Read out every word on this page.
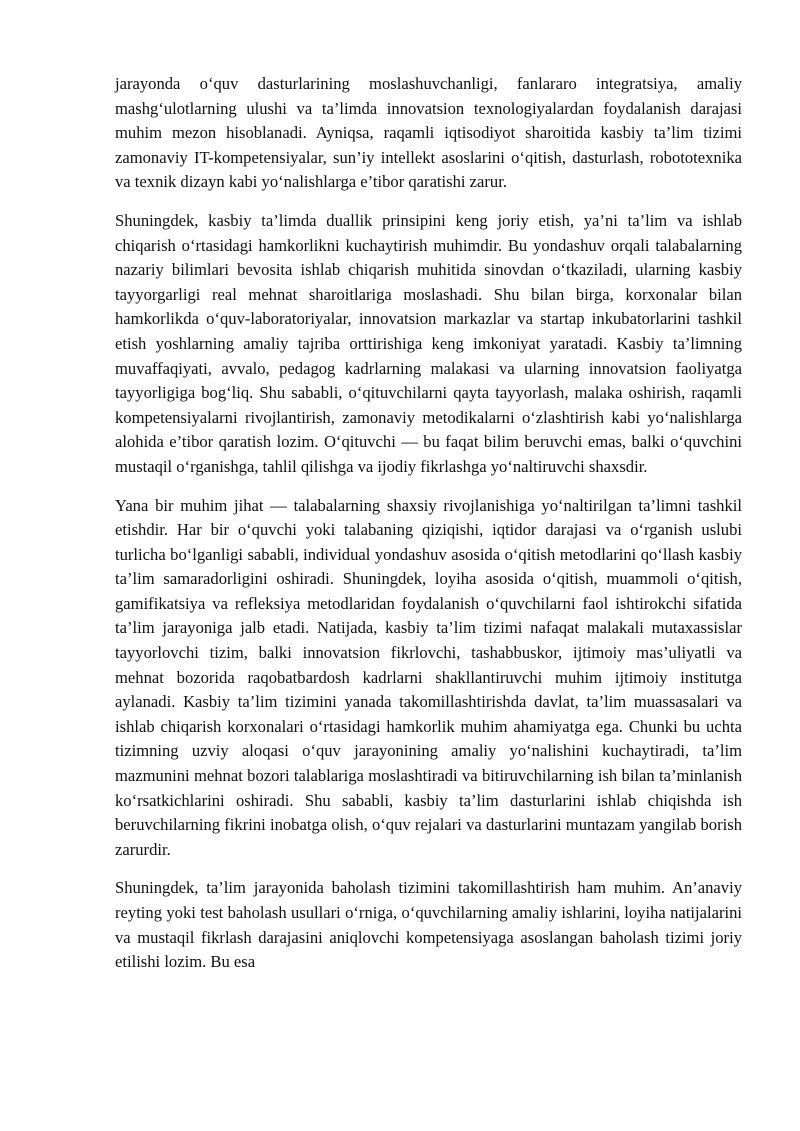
jarayonda o‘quv dasturlarining moslashuvchanligi, fanlararo integratsiya, amaliy mashg‘ulotlarning ulushi va ta’limda innovatsion texnologiyalardan foydalanish darajasi muhim mezon hisoblanadi. Ayniqsa, raqamli iqtisodiyot sharoitida kasbiy ta’lim tizimi zamonaviy IT-kompetensiyalar, sun’iy intellekt asoslarini o‘qitish, dasturlash, robototexnika va texnik dizayn kabi yo‘nalishlarga e’tibor qaratishi zarur.

Shuningdek, kasbiy ta’limda duallik prinsipini keng joriy etish, ya’ni ta’lim va ishlab chiqarish o‘rtasidagi hamkorlikni kuchaytirish muhimdir. Bu yondashuv orqali talabalarning nazariy bilimlari bevosita ishlab chiqarish muhitida sinovdan o‘tkaziladi, ularning kasbiy tayyorgarligi real mehnat sharoitlariga moslashadi. Shu bilan birga, korxonalar bilan hamkorlikda o‘quv-laboratoriyalar, innovatsion markazlar va startap inkubatorlarini tashkil etish yoshlarning amaliy tajriba orttirishiga keng imkoniyat yaratadi. Kasbiy ta’limning muvaffaqiyati, avvalo, pedagog kadrlarning malakasi va ularning innovatsion faoliyatga tayyorligiga bog‘liq. Shu sababli, o‘qituvchilarni qayta tayyorlash, malaka oshirish, raqamli kompetensiyalarni rivojlantirish, zamonaviy metodikalarni o‘zlashtirish kabi yo‘nalishlarga alohida e’tibor qaratish lozim. O‘qituvchi — bu faqat bilim beruvchi emas, balki o‘quvchini mustaqil o‘rganishga, tahlil qilishga va ijodiy fikrlashga yo‘naltiruvchi shaxsdir.

Yana bir muhim jihat — talabalarning shaxsiy rivojlanishiga yo‘naltirilgan ta’limni tashkil etishdir. Har bir o‘quvchi yoki talabaning qiziqishi, iqtidor darajasi va o‘rganish uslubi turlicha bo‘lganligi sababli, individual yondashuv asosida o‘qitish metodlarini qo‘llash kasbiy ta’lim samaradorligini oshiradi. Shuningdek, loyiha asosida o‘qitish, muammoli o‘qitish, gamifikatsiya va refleksiya metodlaridan foydalanish o‘quvchilarni faol ishtirokchi sifatida ta’lim jarayoniga jalb etadi. Natijada, kasbiy ta’lim tizimi nafaqat malakali mutaxassislar tayyorlovchi tizim, balki innovatsion fikrlovchi, tashabbuskor, ijtimoiy mas’uliyatli va mehnat bozorida raqobatbardosh kadrlarni shakllantiruvchi muhim ijtimoiy institutga aylanadi. Kasbiy ta’lim tizimini yanada takomillashtirishda davlat, ta’lim muassasalari va ishlab chiqarish korxonalari o‘rtasidagi hamkorlik muhim ahamiyatga ega. Chunki bu uchta tizimning uzviy aloqasi o‘quv jarayonining amaliy yo‘nalishini kuchaytiradi, ta’lim mazmunini mehnat bozori talablariga moslashtiradi va bitiruvchilarning ish bilan ta’minlanish ko‘rsatkichlarini oshiradi. Shu sababli, kasbiy ta’lim dasturlarini ishlab chiqishda ish beruvchilarning fikrini inobatga olish, o‘quv rejalari va dasturlarini muntazam yangilab borish zarurdir.

Shuningdek, ta’lim jarayonida baholash tizimini takomillashtirish ham muhim. An’anaviy reyting yoki test baholash usullari o‘rniga, o‘quvchilarning amaliy ishlarini, loyiha natijalarini va mustaqil fikrlash darajasini aniqlovchi kompetensiyaga asoslangan baholash tizimi joriy etilishi lozim. Bu esa
